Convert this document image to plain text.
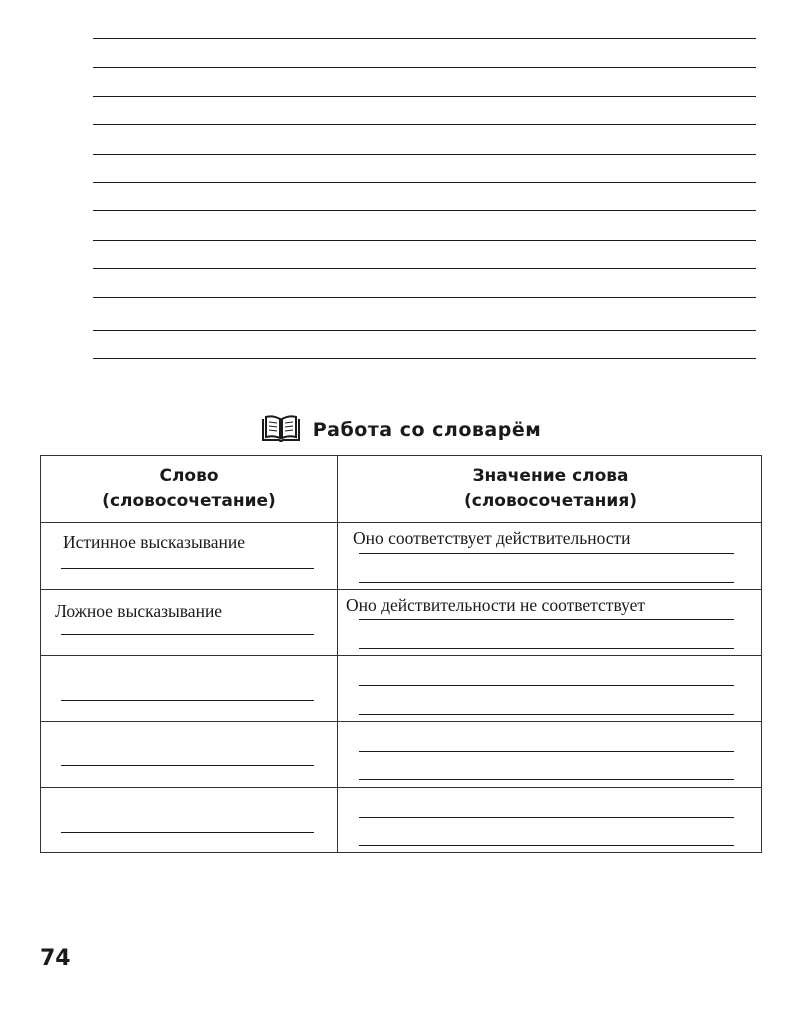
Работа со словарём
Слово
(словосочетание)
Значение слова
(словосочетания)
Истинное высказывание	Оно соответствует действительности
Ложное высказывание	Оно действительности не соответствует
74
